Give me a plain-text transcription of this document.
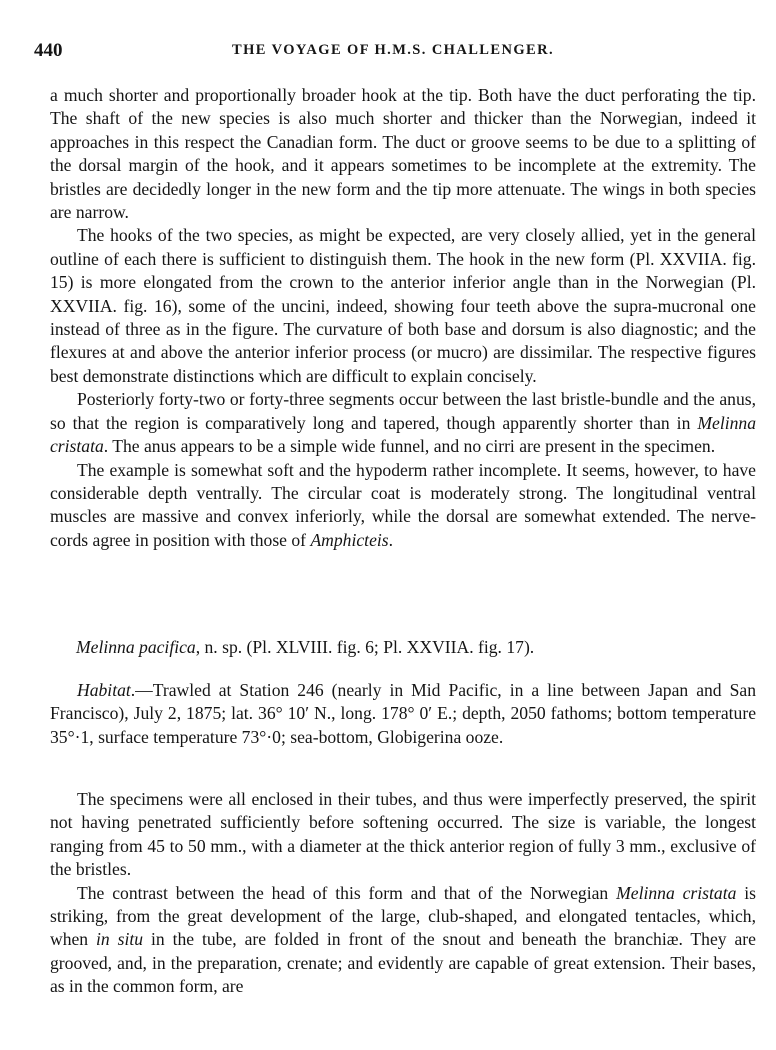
440	THE VOYAGE OF H.M.S. CHALLENGER.

a much shorter and proportionally broader hook at the tip. Both have the duct perforating the tip. The shaft of the new species is also much shorter and thicker than the Norwegian, indeed it approaches in this respect the Canadian form. The duct or groove seems to be due to a splitting of the dorsal margin of the hook, and it appears sometimes to be incomplete at the extremity. The bristles are decidedly longer in the new form and the tip more attenuate. The wings in both species are narrow.

The hooks of the two species, as might be expected, are very closely allied, yet in the general outline of each there is sufficient to distinguish them. The hook in the new form (Pl. XXVIIA. fig. 15) is more elongated from the crown to the anterior inferior angle than in the Norwegian (Pl. XXVIIA. fig. 16), some of the uncini, indeed, showing four teeth above the supra-mucronal one instead of three as in the figure. The curvature of both base and dorsum is also diagnostic; and the flexures at and above the anterior inferior process (or mucro) are dissimilar. The respective figures best demonstrate distinctions which are difficult to explain concisely.

Posteriorly forty-two or forty-three segments occur between the last bristle-bundle and the anus, so that the region is comparatively long and tapered, though apparently shorter than in Melinna cristata. The anus appears to be a simple wide funnel, and no cirri are present in the specimen.

The example is somewhat soft and the hypoderm rather incomplete. It seems, however, to have considerable depth ventrally. The circular coat is moderately strong. The longitudinal ventral muscles are massive and convex inferiorly, while the dorsal are somewhat extended. The nerve-cords agree in position with those of Amphicteis.

Melinna pacifica, n. sp. (Pl. XLVIII. fig. 6; Pl. XXVIIA. fig. 17).

Habitat.—Trawled at Station 246 (nearly in Mid Pacific, in a line between Japan and San Francisco), July 2, 1875; lat. 36° 10′ N., long. 178° 0′ E.; depth, 2050 fathoms; bottom temperature 35°·1, surface temperature 73°·0; sea-bottom, Globigerina ooze.

The specimens were all enclosed in their tubes, and thus were imperfectly preserved, the spirit not having penetrated sufficiently before softening occurred. The size is variable, the longest ranging from 45 to 50 mm., with a diameter at the thick anterior region of fully 3 mm., exclusive of the bristles.

The contrast between the head of this form and that of the Norwegian Melinna cristata is striking, from the great development of the large, club-shaped, and elongated tentacles, which, when in situ in the tube, are folded in front of the snout and beneath the branchiæ. They are grooved, and, in the preparation, crenate; and evidently are capable of great extension. Their bases, as in the common form, are
